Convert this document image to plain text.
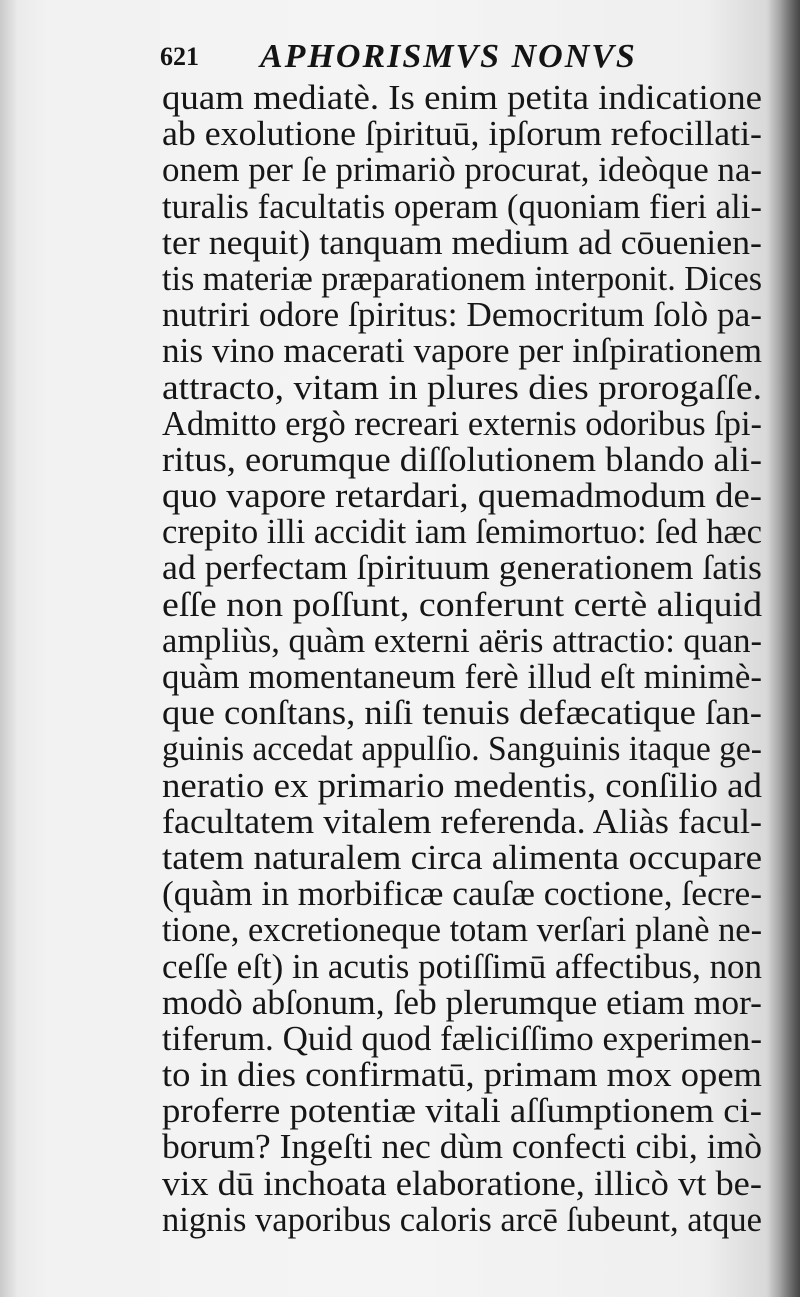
621 APHORISMVS NONVS
quam mediatè. Is enim petita indicatione
ab exolutione ſpirituū, ipſorum refocillati-
onem per ſe primariò procurat, ideòque na-
turalis facultatis operam (quoniam fieri ali-
ter nequit) tanquam medium ad cōuenien-
tis materiæ præparationem interponit. Dices
nutriri odore ſpiritus: Democritum ſolò pa-
nis vino macerati vapore per inſpirationem
attracto, vitam in plures dies prorogaſſe.
Admitto ergò recreari externis odoribus ſpi-
ritus, eorumque diſſolutionem blando ali-
quo vapore retardari, quemadmodum de-
crepito illi accidit iam ſemimortuo: ſed hæc
ad perfectam ſpirituum generationem ſatis
eſſe non poſſunt, conferunt certè aliquid
ampliùs, quàm externi aëris attractio: quan-
quàm momentaneum ferè illud eſt minimè-
que conſtans, niſi tenuis defæcatique ſan-
guinis accedat appulſio. Sanguinis itaque ge-
neratio ex primario medentis, conſilio ad
facultatem vitalem referenda. Aliàs facul-
tatem naturalem circa alimenta occupare
(quàm in morbificæ cauſæ coctione, ſecre-
tione, excretioneque totam verſari planè ne-
ceſſe eſt) in acutis potiſſimū affectibus, non
modò abſonum, ſeb plerumque etiam mor-
tiferum. Quid quod fæliciſſimo experimen-
to in dies confirmatū, primam mox opem
proferre potentiæ vitali aſſumptionem ci-
borum? Ingeſti nec dùm confecti cibi, imò
vix dū inchoata elaboratione, illicò vt be-
nignis vaporibus caloris arcē ſubeunt, atque
